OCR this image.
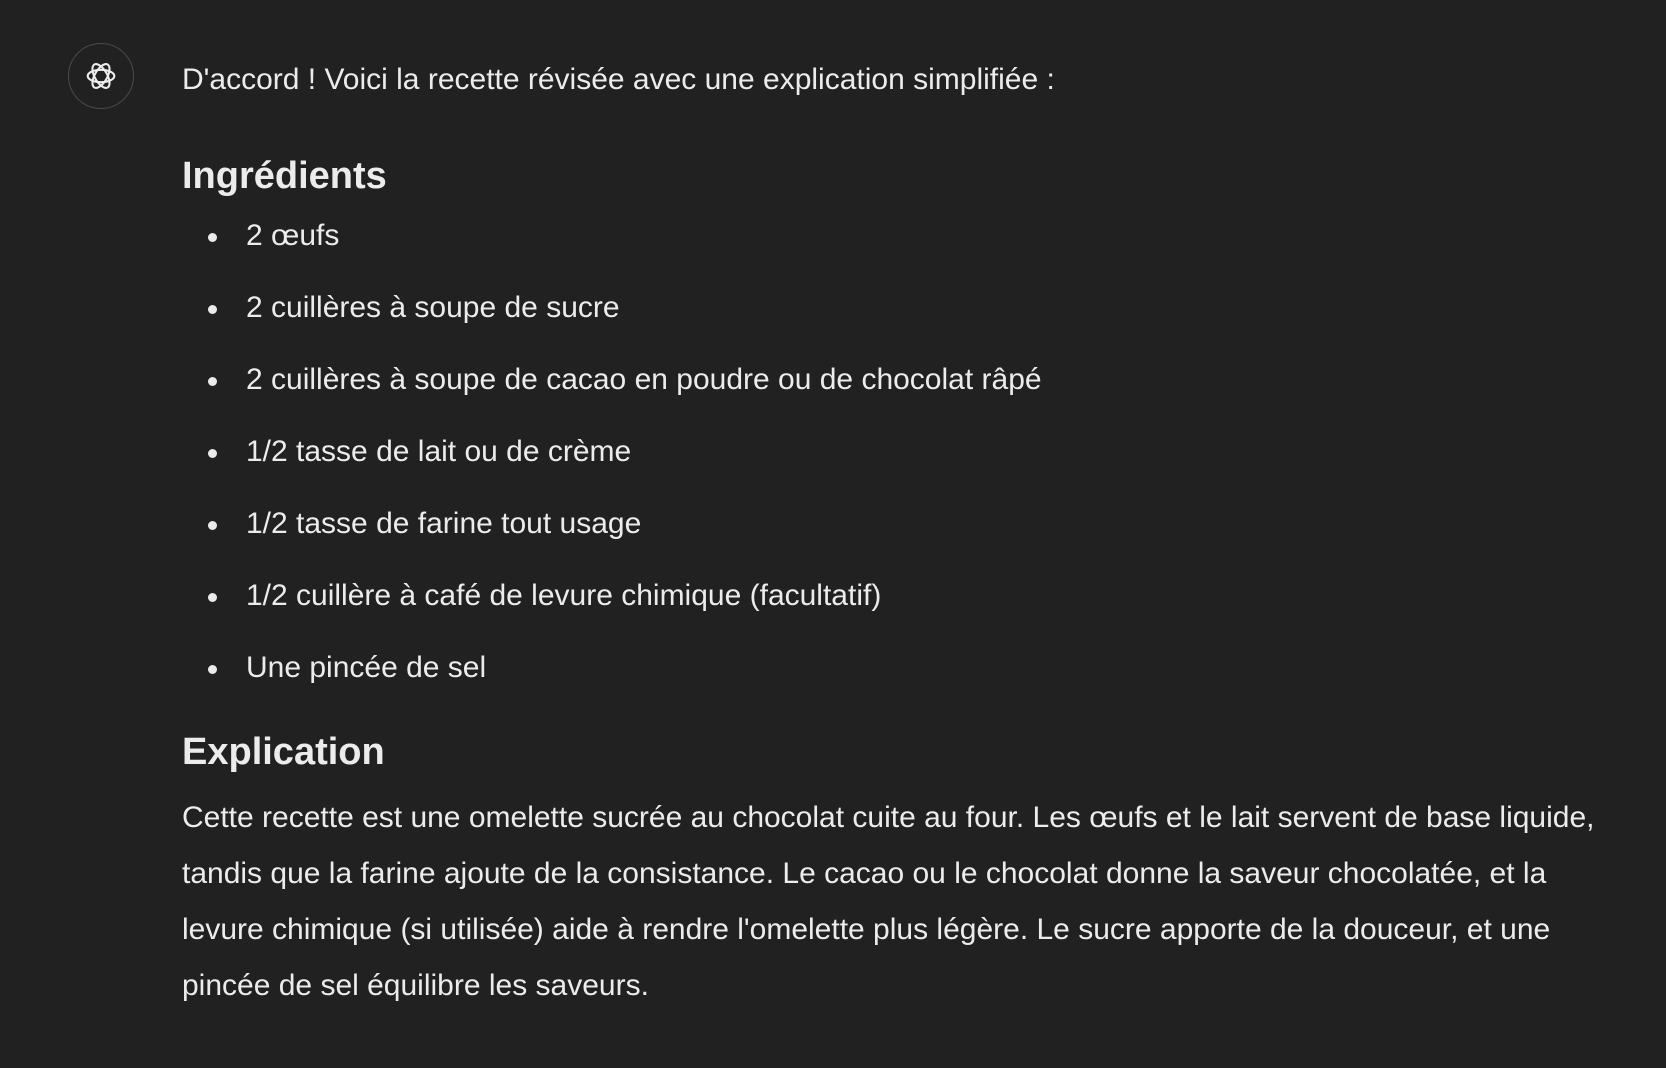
D'accord ! Voici la recette révisée avec une explication simplifiée :

Ingrédients
2 œufs
2 cuillères à soupe de sucre
2 cuillères à soupe de cacao en poudre ou de chocolat râpé
1/2 tasse de lait ou de crème
1/2 tasse de farine tout usage
1/2 cuillère à café de levure chimique (facultatif)
Une pincée de sel
Explication

Cette recette est une omelette sucrée au chocolat cuite au four. Les œufs et le lait servent de base liquide, tandis que la farine ajoute de la consistance. Le cacao ou le chocolat donne la saveur chocolatée, et la levure chimique (si utilisée) aide à rendre l'omelette plus légère. Le sucre apporte de la douceur, et une pincée de sel équilibre les saveurs.
